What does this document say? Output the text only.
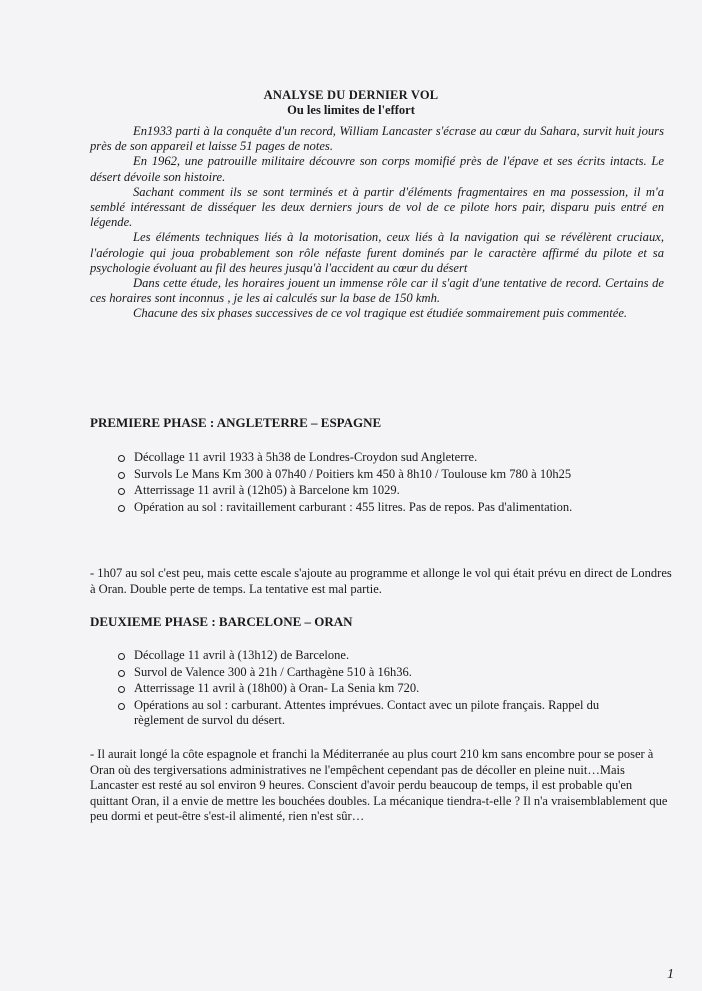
ANALYSE DU DERNIER VOL
Ou les limites de l'effort

En1933 parti à la conquête d'un record, William Lancaster s'écrase au cœur du Sahara, survit huit jours près de son appareil et laisse 51 pages de notes.

En 1962, une patrouille militaire découvre son corps momifié près de l'épave et ses écrits intacts. Le désert dévoile son histoire.

Sachant comment ils se sont terminés et à partir d'éléments fragmentaires en ma possession, il m'a semblé intéressant de disséquer les deux derniers jours de vol de ce pilote hors pair, disparu puis entré en légende.

Les éléments techniques liés à la motorisation, ceux liés à la navigation qui se révélèrent cruciaux, l'aérologie qui joua probablement son rôle néfaste furent dominés par le caractère affirmé du pilote et sa psychologie évoluant au fil des heures jusqu'à l'accident au cœur du désert

Dans cette étude, les horaires jouent un immense rôle car il s'agit d'une tentative de record. Certains de ces horaires sont inconnus , je les ai calculés sur la base de 150 kmh.

Chacune des six phases successives de ce vol tragique est étudiée sommairement puis commentée.

PREMIERE PHASE : ANGLETERRE – ESPAGNE
Décollage 11 avril 1933 à 5h38 de Londres-Croydon sud Angleterre.
Survols Le Mans Km 300 à 07h40 / Poitiers km 450 à 8h10 / Toulouse km 780 à 10h25
Atterrissage 11 avril à (12h05) à Barcelone km 1029.
Opération au sol : ravitaillement carburant : 455 litres. Pas de repos. Pas d'alimentation.
- 1h07 au sol c'est peu, mais cette escale s'ajoute au programme et allonge le vol qui était prévu en direct de Londres à Oran. Double perte de temps. La tentative est mal partie.
DEUXIEME PHASE : BARCELONE – ORAN
Décollage 11 avril à (13h12) de Barcelone.
Survol de Valence 300 à 21h / Carthagène 510 à 16h36.
Atterrissage 11 avril à (18h00) à Oran- La Senia km 720.
Opérations au sol : carburant. Attentes imprévues. Contact avec un pilote français. Rappel du règlement de survol du désert.
- Il aurait longé la côte espagnole et franchi la Méditerranée au plus court 210 km sans encombre pour se poser à Oran où des tergiversations administratives ne l'empêchent cependant pas de décoller en pleine nuit…Mais Lancaster est resté au sol environ 9 heures. Conscient d'avoir perdu beaucoup de temps, il est probable qu'en quittant Oran, il a envie de mettre les bouchées doubles. La mécanique tiendra-t-elle ? Il n'a vraisemblablement que peu dormi et peut-être s'est-il alimenté, rien n'est sûr…
1
